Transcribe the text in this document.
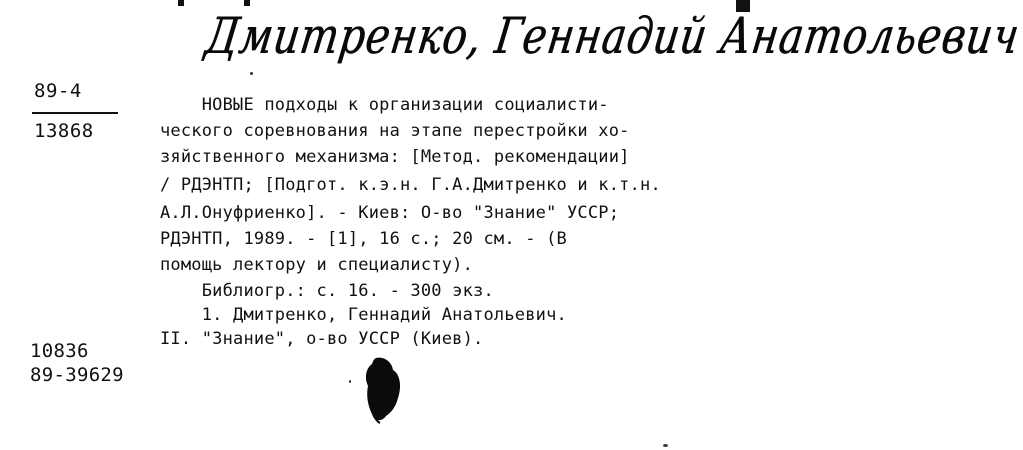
Дмитренко, Геннадий Анатольевич
89-4
13868
НОВЫЕ подходы к организации социалисти-
ческого соревнования на этапе перестройки хо-
зяйственного механизма: [Метод. рекомендации]
/ РДЭНТП; [Подгот. к.э.н. Г.А.Дмитренко и к.т.н.
А.Л.Онуфриенко]. - Киев: О-во "Знание" УССР;
РДЭНТП, 1989. - [1], 16 с.; 20 см. - (В
помощь лектору и специалисту).
Библиогр.: с. 16. - 300 экз.
1. Дмитренко, Геннадий Анатольевич.
II. "Знание", о-во УССР (Киев).
10836
89-39629
